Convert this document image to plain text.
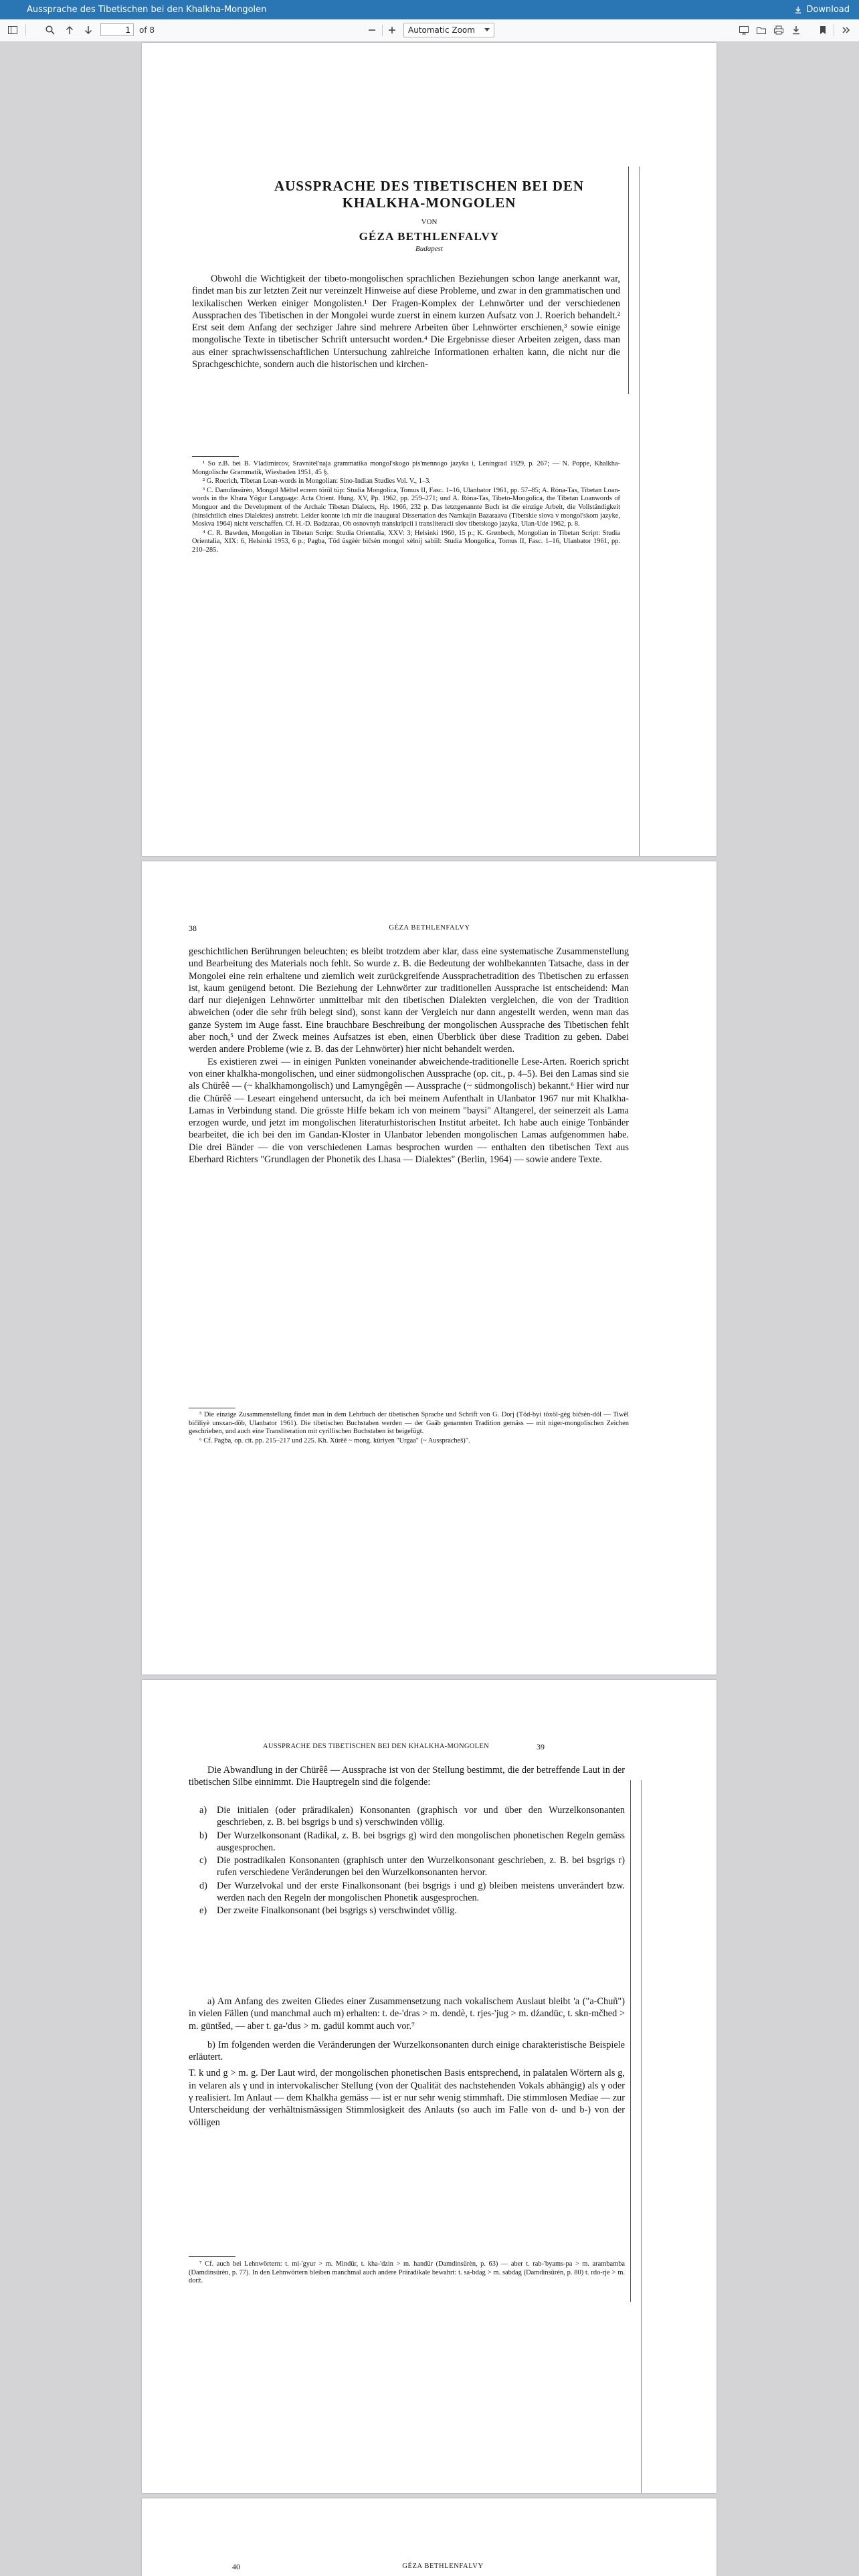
Aussprache des Tibetischen bei den Khalkha-Mongolen	Download
1
of 8	Automatic Zoom
AUSSPRACHE DES TIBETISCHEN BEI DEN
KHALKHA-MONGOLEN
VON
GÉZA BETHLENFALVY
Budapest

Obwohl die Wichtigkeit der tibeto-mongolischen sprachlichen Beziehungen schon lange anerkannt war, findet man bis zur letzten Zeit nur vereinzelt Hinweise auf diese Probleme, und zwar in den grammatischen und lexikalischen Werken einiger Mongolisten.¹ Der Fragen-Komplex der Lehnwörter und der verschiedenen Aussprachen des Tibetischen in der Mongolei wurde zuerst in einem kurzen Aufsatz von J. Roerich behandelt.² Erst seit dem Anfang der sechziger Jahre sind mehrere Arbeiten über Lehnwörter erschienen,³ sowie einige mongolische Texte in tibetischer Schrift untersucht worden.⁴ Die Ergebnisse dieser Arbeiten zeigen, dass man aus einer sprachwissenschaftlichen Untersuchung zahlreiche Informationen erhalten kann, die nicht nur die Sprachgeschichte, sondern auch die historischen und kirchen-

¹ So z.B. bei B. Vladimircov, Sravnitel'naja grammatika mongol'skogo pis'mennogo jazyka i, Leningrad 1929, p. 267; — N. Poppe, Khalkha-Mongolische Grammatik, Wiesbaden 1951, 45 §.

² G. Roerich, Tibetan Loan-words in Mongolian: Sino-Indian Studies Vol. V., 1–3.

³ C. Damdinsürèn, Mongol Mèltel ecrem töröl tüp: Studia Mongolica, Tomus II, Fasc. 1–16, Ulanbator 1961, pp. 57–85; A. Róna-Tas, Tibetan Loan-words in the Khara Yögur Language: Acta Orient. Hung. XV, Pp. 1962, pp. 259–271; und A. Róna-Tas, Tibeto-Mongolica, the Tibetan Loanwords of Monguor and the Development of the Archaic Tibetan Dialects, Hp. 1966, 232 p. Das letztgenannte Buch ist die einzige Arbeit, die Vollständigkeit (hinsichtlich eines Dialektes) anstrebt. Leider konnte ich mir die inaugural Dissertation des Namkajin Bazaraava (Tibetskie slova v mongol'skom jazyke, Moskva 1964) nicht verschaffen. Cf. H.-D. Badzaraa, Ob osnovnyh transkripcii i transliteracii slov tibetskogo jazyka, Ulan-Ude 1962, p. 8.

⁴ C. R. Bawden, Mongolian in Tibetan Script: Studia Orientalia, XXV: 3; Helsinki 1960, 15 p.; K. Grønbech, Mongolian in Tibetan Script: Studia Orientalia, XIX: 6, Helsinki 1953, 6 p.; Pagba, Töd üsgèèr bičsèn mongol xèlnij sabiil: Studia Mongolica, Tomus II, Fasc. 1–16, Ulanbator 1961, pp. 210–285.

38	GÉZA BETHLENFALVY

geschichtlichen Berührungen beleuchten; es bleibt trotzdem aber klar, dass eine systematische Zusammenstellung und Bearbeitung des Materials noch fehlt. So wurde z. B. die Bedeutung der wohlbekannten Tatsache, dass in der Mongolei eine rein erhaltene und ziemlich weit zurückgreifende Aussprachetradition des Tibetischen zu erfassen ist, kaum genügend betont. Die Beziehung der Lehnwörter zur traditionellen Aussprache ist entscheidend: Man darf nur diejenigen Lehnwörter unmittelbar mit den tibetischen Dialekten vergleichen, die von der Tradition abweichen (oder die sehr früh belegt sind), sonst kann der Vergleich nur dann angestellt werden, wenn man das ganze System im Auge fasst. Eine brauchbare Beschreibung der mongolischen Aussprache des Tibetischen fehlt aber noch,⁵ und der Zweck meines Aufsatzes ist eben, einen Überblick über diese Tradition zu geben. Dabei werden andere Probleme (wie z. B. das der Lehnwörter) hier nicht behandelt werden.

Es existieren zwei — in einigen Punkten voneinander abweichende-traditionelle Lese-Arten. Roerich spricht von einer khalkha-mongolischen, und einer südmongolischen Aussprache (op. cit., p. 4–5). Bei den Lamas sind sie als Chürêê — (~ khalkhamongolisch) und Lamyngêgên — Aussprache (~ südmongolisch) bekannt.⁶ Hier wird nur die Chürêê — Leseart eingehend untersucht, da ich bei meinem Aufenthalt in Ulanbator 1967 nur mit Khalkha-Lamas in Verbindung stand. Die grösste Hilfe bekam ich von meinem "baysi" Altangerel, der seinerzeit als Lama erzogen wurde, und jetzt im mongolischen literaturhistorischen Institut arbeitet. Ich habe auch einige Tonbänder bearbeitet, die ich bei den im Gandan-Kloster in Ulanbator lebenden mongolischen Lamas aufgenommen habe. Die drei Bänder — die von verschiedenen Lamas besprochen wurden — enthalten den tibetischen Text aus Eberhard Richters "Grundlagen der Phonetik des Lhasa — Dialektes" (Berlin, 1964) — sowie andere Texte.

⁵ Die einzige Zusammenstellung findet man in dem Lehrbuch der tibetischen Sprache und Schrift von G. Dorj (Töd-byi töxöl-gèg bičsèn-döl — Tiwêl bičiliyè unsxan-döb, Ulanbator 1961). Die tibetischen Buchstaben werden — der Gaäb genannten Tradition gemäss — mit niger-mongolischen Zeichen geschrieben, und auch eine Transliteration mit cyrillischen Buchstaben ist beigefügt.

⁶ Cf. Pagba, op. cit. pp. 215–217 und 225. Kh. Xürêê ~ mong. küriyen "Urgaa" (~ Ausspracheš)".

AUSSPRACHE DES TIBETISCHEN BEI DEN KHALKHA-MONGOLEN	39

Die Abwandlung in der Chürêê — Aussprache ist von der Stellung bestimmt, die der betreffende Laut in der tibetischen Silbe einnimmt. Die Hauptregeln sind die folgende:

a)	Die initialen (oder präradikalen) Konsonanten (graphisch vor und über den Wurzelkonsonanten geschrieben, z. B. bei bsgrigs b und s) verschwinden völlig.
b) Der Wurzelkonsonant (Radikal, z. B. bei bsgrigs g) wird den mongolischen phonetischen Regeln gemäss ausgesprochen.
c)	Die postradikalen Konsonanten (graphisch unter den Wurzelkonsonant geschrieben, z. B. bei bsgrigs r) rufen verschiedene Veränderungen bei den Wurzelkonsonanten hervor.
d) Der Wurzelvokal und der erste Finalkonsonant (bei bsgrigs i und g) bleiben meistens unverändert bzw. werden nach den Regeln der mongolischen Phonetik ausgesprochen.
e)	Der zweite Finalkonsonant (bei bsgrigs s) verschwindet völlig.

a) Am Anfang des zweiten Gliedes einer Zusammensetzung nach vokalischem Auslaut bleibt 'a ("a-Chuñ") in vielen Fällen (und manchmal auch m) erhalten: t. de-'dras > m. dendè, t. rjes-'jug > m. dźandüc, t. skn-mčhed > m. güntšed, — aber t. ga-'dus > m. gadül kommt auch vor.⁷

b) Im folgenden werden die Veränderungen der Wurzelkonsonanten durch einige charakteristische Beispiele erläutert.

T. k und g > m. g. Der Laut wird, der mongolischen phonetischen Basis entsprechend, in palatalen Wörtern als g, in velaren als γ und in intervokalischer Stellung (von der Qualität des nachstehenden Vokals abhängig) als γ oder γ realisiert. Im Anlaut — dem Khalkha gemäss — ist er nur sehr wenig stimmhaft. Die stimmlosen Mediae — zur Unterscheidung der verhältnismässigen Stimmlosigkeit des Anlauts (so auch im Falle von d- und b-) von der völligen

⁷ Cf. auch bei Lehnwörtern: t. mi-'gyur > m. Mindür, t. kha-'dzin > m. handür (Damdinsürèn, p. 63) — aber t. rab-'byams-pa > m. arambamba (Damdinsürèn, p. 77). In den Lehnwörtern bleiben manchmal auch andere Präradikale bewahrt: t. sa-bdag > m. sabdag (Damdinsürèn, p. 80) t. rdo-rje > m. dorž.

40	GÉZA BETHLENFALVY
